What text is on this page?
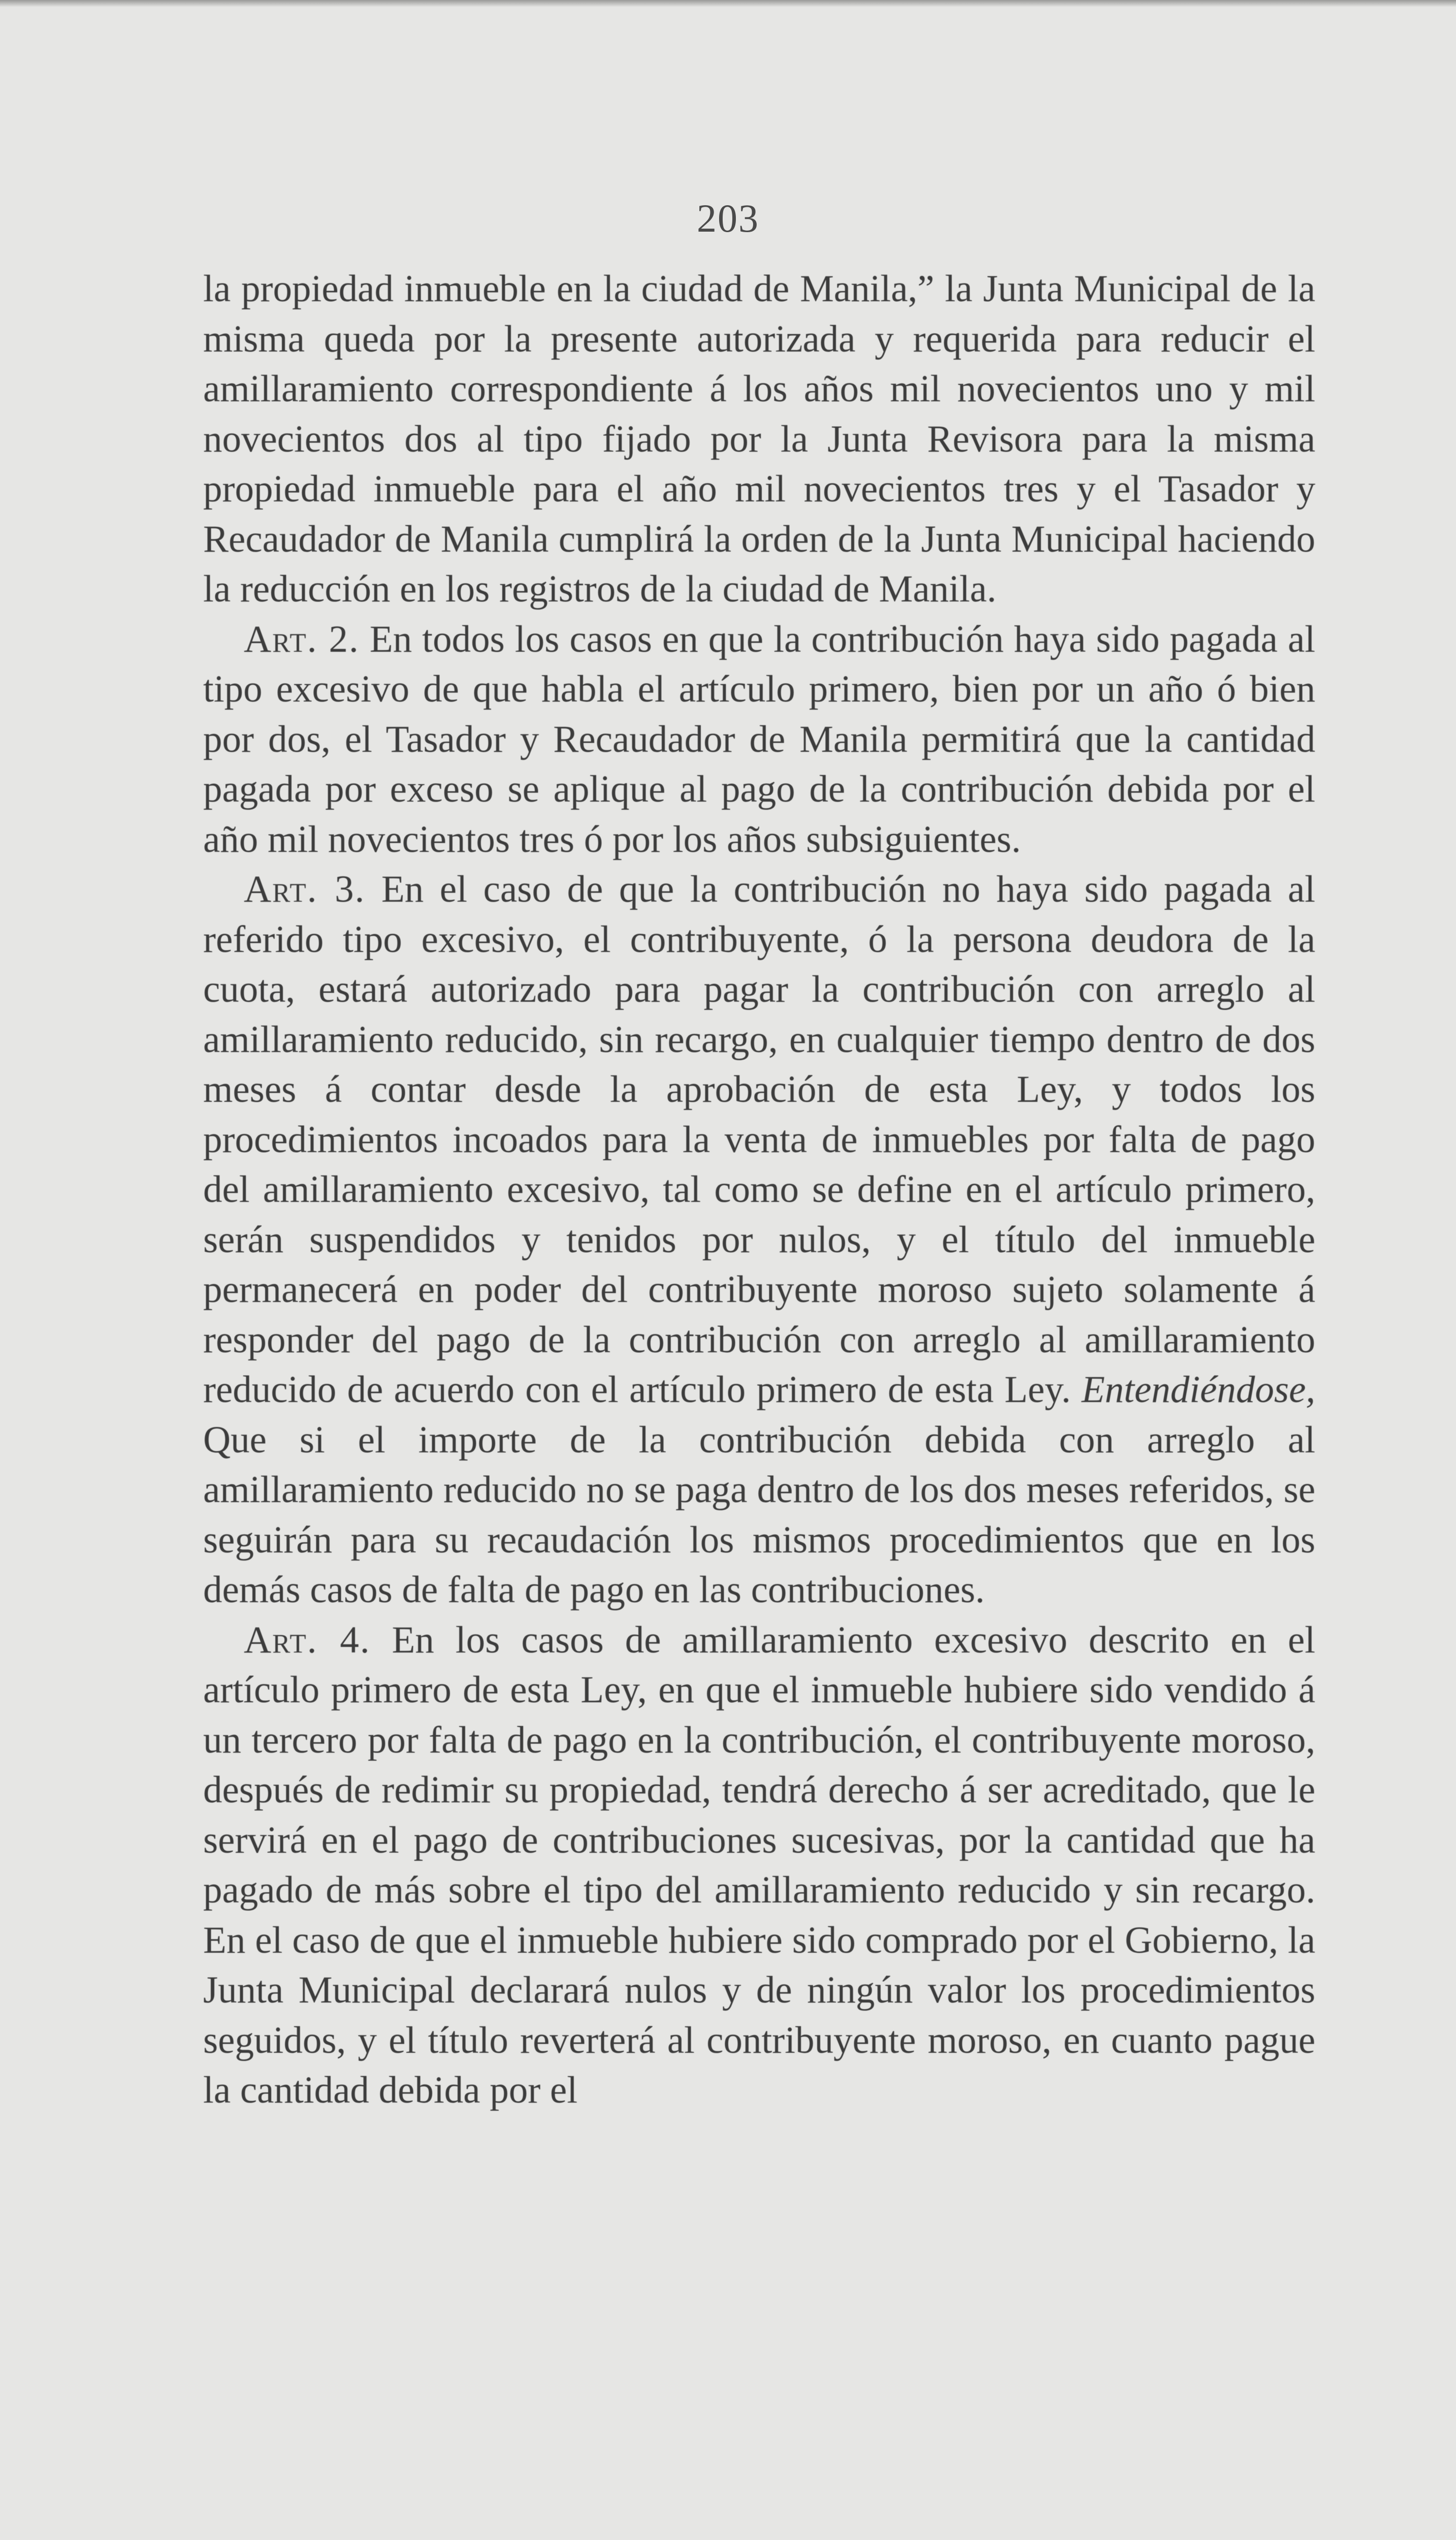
203

la propiedad inmueble en la ciudad de Manila,” la Junta Municipal de la misma queda por la presente autorizada y requerida para reducir el amillaramiento correspondiente á los años mil novecientos uno y mil novecientos dos al tipo fijado por la Junta Revisora para la misma propiedad inmueble para el año mil novecientos tres y el Tasador y Recaudador de Manila cumplirá la orden de la Junta Municipal haciendo la reducción en los registros de la ciudad de Manila.

Art. 2. En todos los casos en que la contribución haya sido pagada al tipo excesivo de que habla el artículo primero, bien por un año ó bien por dos, el Tasador y Recaudador de Manila permitirá que la cantidad pagada por exceso se aplique al pago de la contribución debida por el año mil novecientos tres ó por los años subsiguientes.

Art. 3. En el caso de que la contribución no haya sido pagada al referido tipo excesivo, el contribuyente, ó la persona deudora de la cuota, estará autorizado para pagar la contribución con arreglo al amillaramiento reducido, sin recargo, en cualquier tiempo dentro de dos meses á contar desde la aprobación de esta Ley, y todos los procedimientos incoados para la venta de inmuebles por falta de pago del amillaramiento excesivo, tal como se define en el artículo primero, serán suspendidos y tenidos por nulos, y el título del inmueble permanecerá en poder del contribuyente moroso sujeto solamente á responder del pago de la contribución con arreglo al amillaramiento reducido de acuerdo con el artículo primero de esta Ley. Entendiéndose, Que si el importe de la contribución debida con arreglo al amillaramiento reducido no se paga dentro de los dos meses referidos, se seguirán para su recaudación los mismos procedimientos que en los demás casos de falta de pago en las contribuciones.

Art. 4. En los casos de amillaramiento excesivo descrito en el artículo primero de esta Ley, en que el inmueble hubiere sido vendido á un tercero por falta de pago en la contribución, el contribuyente moroso, después de redimir su propiedad, tendrá derecho á ser acreditado, que le servirá en el pago de contribuciones sucesivas, por la cantidad que ha pagado de más sobre el tipo del amillaramiento reducido y sin recargo. En el caso de que el inmueble hubiere sido comprado por el Gobierno, la Junta Municipal declarará nulos y de ningún valor los procedimientos seguidos, y el título reverterá al contribuyente moroso, en cuanto pague la cantidad debida por el
